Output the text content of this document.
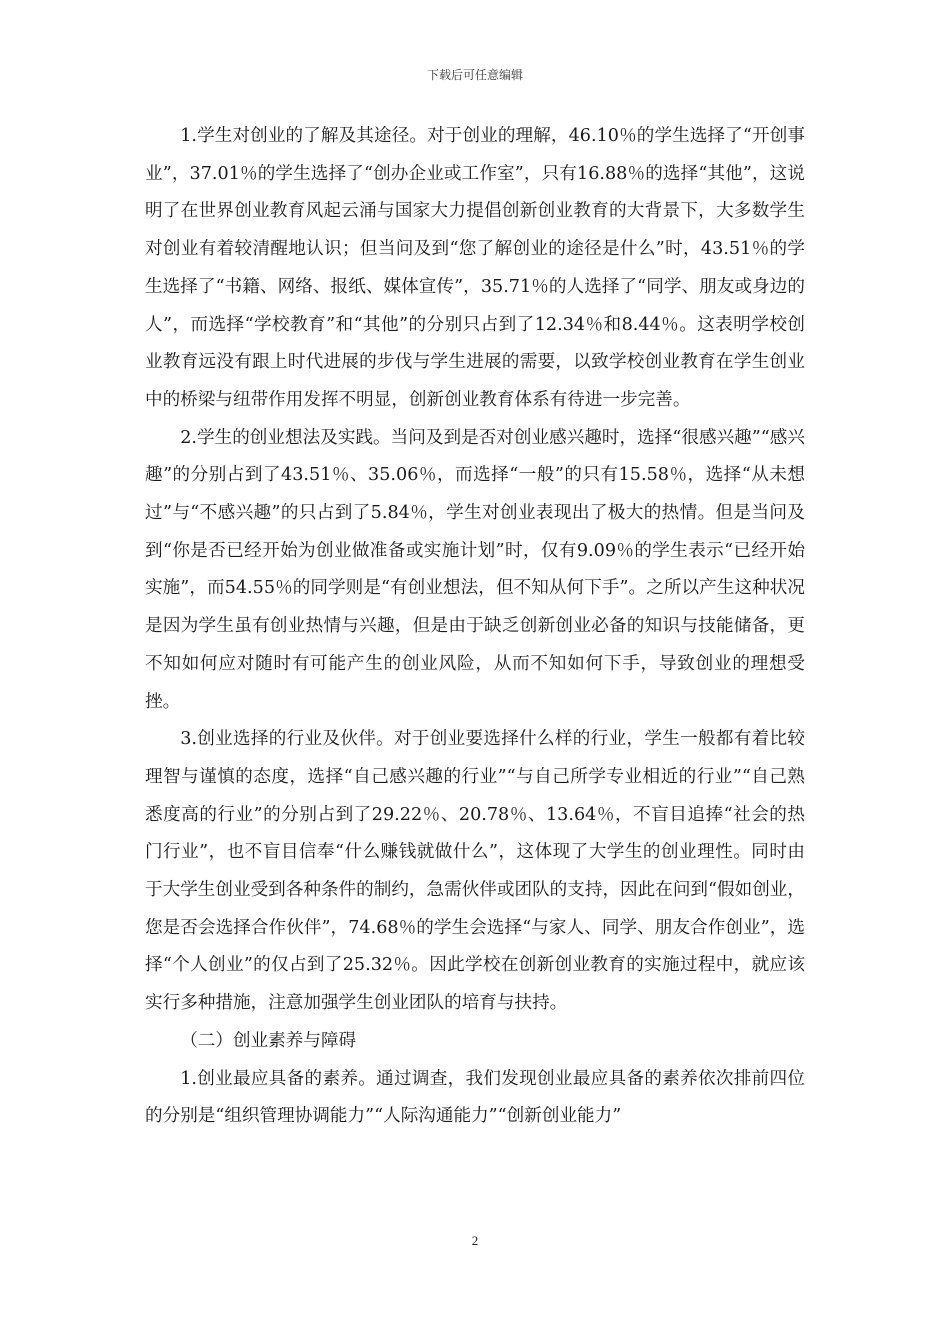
下载后可任意编辑

1.学生对创业的了解及其途径。对于创业的理解，46.10％的学生选择了“开创事业”，37.01％的学生选择了“创办企业或工作室”，只有16.88％的选择“其他”，这说明了在世界创业教育风起云涌与国家大力提倡创新创业教育的大背景下，大多数学生对创业有着较清醒地认识；但当问及到“您了解创业的途径是什么”时，43.51％的学生选择了“书籍、网络、报纸、媒体宣传”，35.71％的人选择了“同学、朋友或身边的人”，而选择“学校教育”和“其他”的分别只占到了12.34％和8.44％。这表明学校创业教育远没有跟上时代进展的步伐与学生进展的需要，以致学校创业教育在学生创业中的桥梁与纽带作用发挥不明显，创新创业教育体系有待进一步完善。

2.学生的创业想法及实践。当问及到是否对创业感兴趣时，选择“很感兴趣”“感兴趣”的分别占到了43.51％、35.06％，而选择“一般”的只有15.58％，选择“从未想过”与“不感兴趣”的只占到了5.84％，学生对创业表现出了极大的热情。但是当问及到“你是否已经开始为创业做准备或实施计划”时，仅有9.09％的学生表示“已经开始实施”，而54.55％的同学则是“有创业想法，但不知从何下手”。之所以产生这种状况是因为学生虽有创业热情与兴趣，但是由于缺乏创新创业必备的知识与技能储备，更不知如何应对随时有可能产生的创业风险，从而不知如何下手，导致创业的理想受挫。

3.创业选择的行业及伙伴。对于创业要选择什么样的行业，学生一般都有着比较理智与谨慎的态度，选择“自己感兴趣的行业”“与自己所学专业相近的行业”“自己熟悉度高的行业”的分别占到了29.22％、20.78％、13.64％，不盲目追捧“社会的热门行业”，也不盲目信奉“什么赚钱就做什么”，这体现了大学生的创业理性。同时由于大学生创业受到各种条件的制约，急需伙伴或团队的支持，因此在问到“假如创业，您是否会选择合作伙伴”，74.68％的学生会选择“与家人、同学、朋友合作创业”，选择“个人创业”的仅占到了25.32％。因此学校在创新创业教育的实施过程中，就应该实行多种措施，注意加强学生创业团队的培育与扶持。

（二）创业素养与障碍

1.创业最应具备的素养。通过调查，我们发现创业最应具备的素养依次排前四位的分别是“组织管理协调能力”“人际沟通能力”“创新创业能力”

2
